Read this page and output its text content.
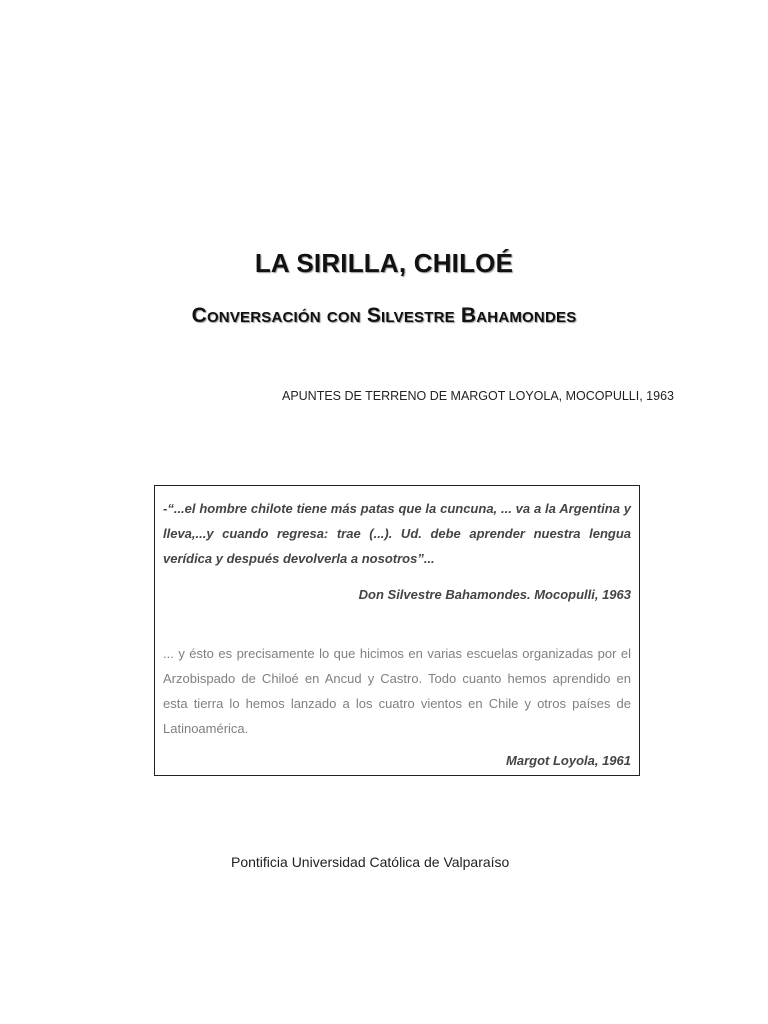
LA SIRILLA, CHILOÉ
Conversación con Silvestre Bahamondes

APUNTES DE TERRENO DE MARGOT LOYOLA, MOCOPULLI, 1963

-“...el hombre chilote tiene más patas que la cuncuna, ... va a la Argentina y lleva,...y cuando regresa: trae (...). Ud. debe aprender nuestra lengua verídica y después devolverla a nosotros”...

Don Silvestre Bahamondes. Mocopulli, 1963

... y ésto es precisamente lo que hicimos en varias escuelas organizadas por el Arzobispado de Chiloé en Ancud y Castro. Todo cuanto hemos aprendido en esta tierra lo hemos lanzado a los cuatro vientos en Chile y otros países de Latinoamérica.

Margot Loyola, 1961

Pontificia Universidad Católica de Valparaíso
